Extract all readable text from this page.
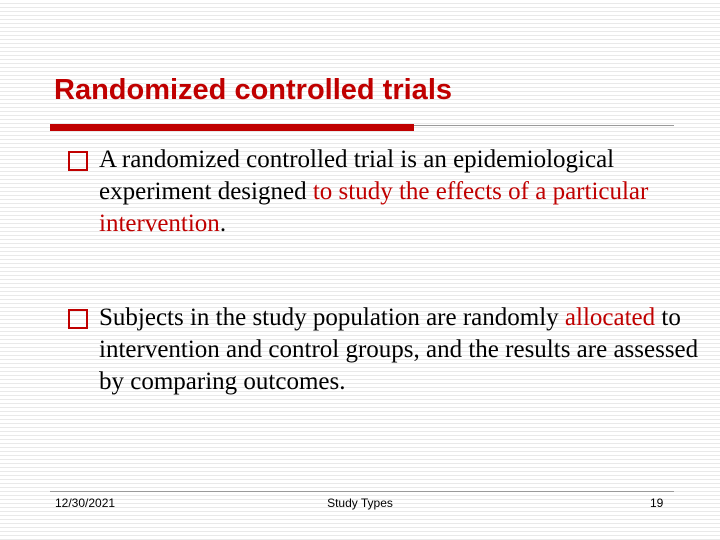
Randomized controlled trials
A randomized controlled trial is an epidemiological experiment designed to study the effects of a particular intervention.
Subjects in the study population are randomly allocated to intervention and control groups, and the results are assessed by comparing outcomes.
12/30/2021	Study Types	19
